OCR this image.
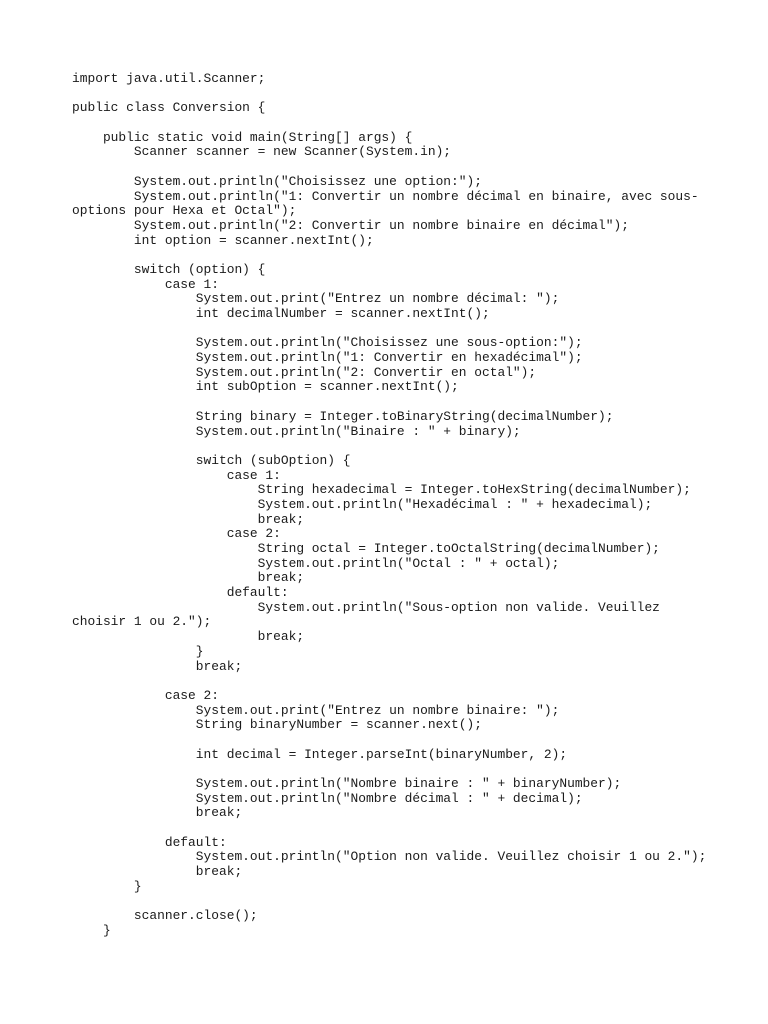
import java.util.Scanner;
public class Conversion {
public static void main(String[] args) {
Scanner scanner = new Scanner(System.in);
System.out.println("Choisissez une option:");
System.out.println("1: Convertir un nombre décimal en binaire, avec sous-
options pour Hexa et Octal");
System.out.println("2: Convertir un nombre binaire en décimal");
int option = scanner.nextInt();
switch (option) {
case 1:
System.out.print("Entrez un nombre décimal: ");
int decimalNumber = scanner.nextInt();
System.out.println("Choisissez une sous-option:");
System.out.println("1: Convertir en hexadécimal");
System.out.println("2: Convertir en octal");
int subOption = scanner.nextInt();
String binary = Integer.toBinaryString(decimalNumber);
System.out.println("Binaire : " + binary);
switch (subOption) {
case 1:
String hexadecimal = Integer.toHexString(decimalNumber);
System.out.println("Hexadécimal : " + hexadecimal);
break;
case 2:
String octal = Integer.toOctalString(decimalNumber);
System.out.println("Octal : " + octal);
break;
default:
System.out.println("Sous-option non valide. Veuillez
choisir 1 ou 2.");
break;
}
break;
case 2:
System.out.print("Entrez un nombre binaire: ");
String binaryNumber = scanner.next();
int decimal = Integer.parseInt(binaryNumber, 2);
System.out.println("Nombre binaire : " + binaryNumber);
System.out.println("Nombre décimal : " + decimal);
break;
default:
System.out.println("Option non valide. Veuillez choisir 1 ou 2.");
break;
}
scanner.close();
}
